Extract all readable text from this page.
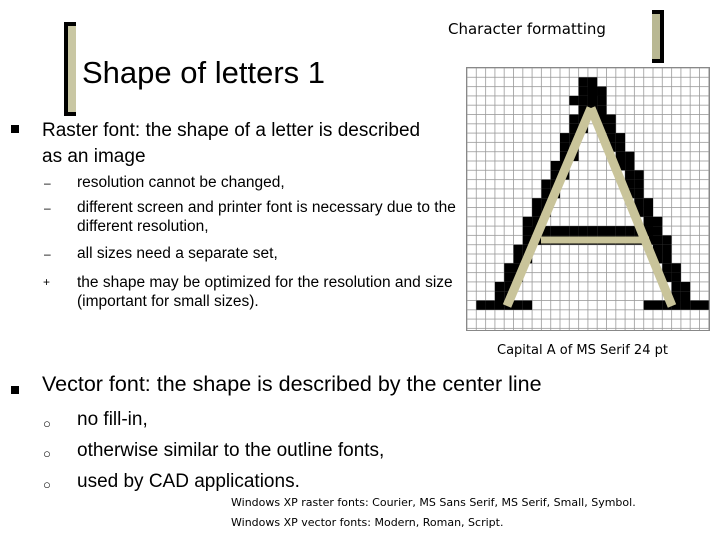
Character formatting
Shape of letters 1
Raster font: the shape of a letter is described as an image
– resolution cannot be changed,
– different screen and printer font is necessary due to the different resolution,
– all sizes need a separate set,
+ the shape may be optimized for the resolution and size (important for small sizes).
Capital A of MS Serif 24 pt
Vector font: the shape is described by the center line
○ no fill-in,
○ otherwise similar to the outline fonts,
○ used by CAD applications.
Windows XP raster fonts: Courier, MS Sans Serif, MS Serif, Small, Symbol.
Windows XP vector fonts: Modern, Roman, Script.
